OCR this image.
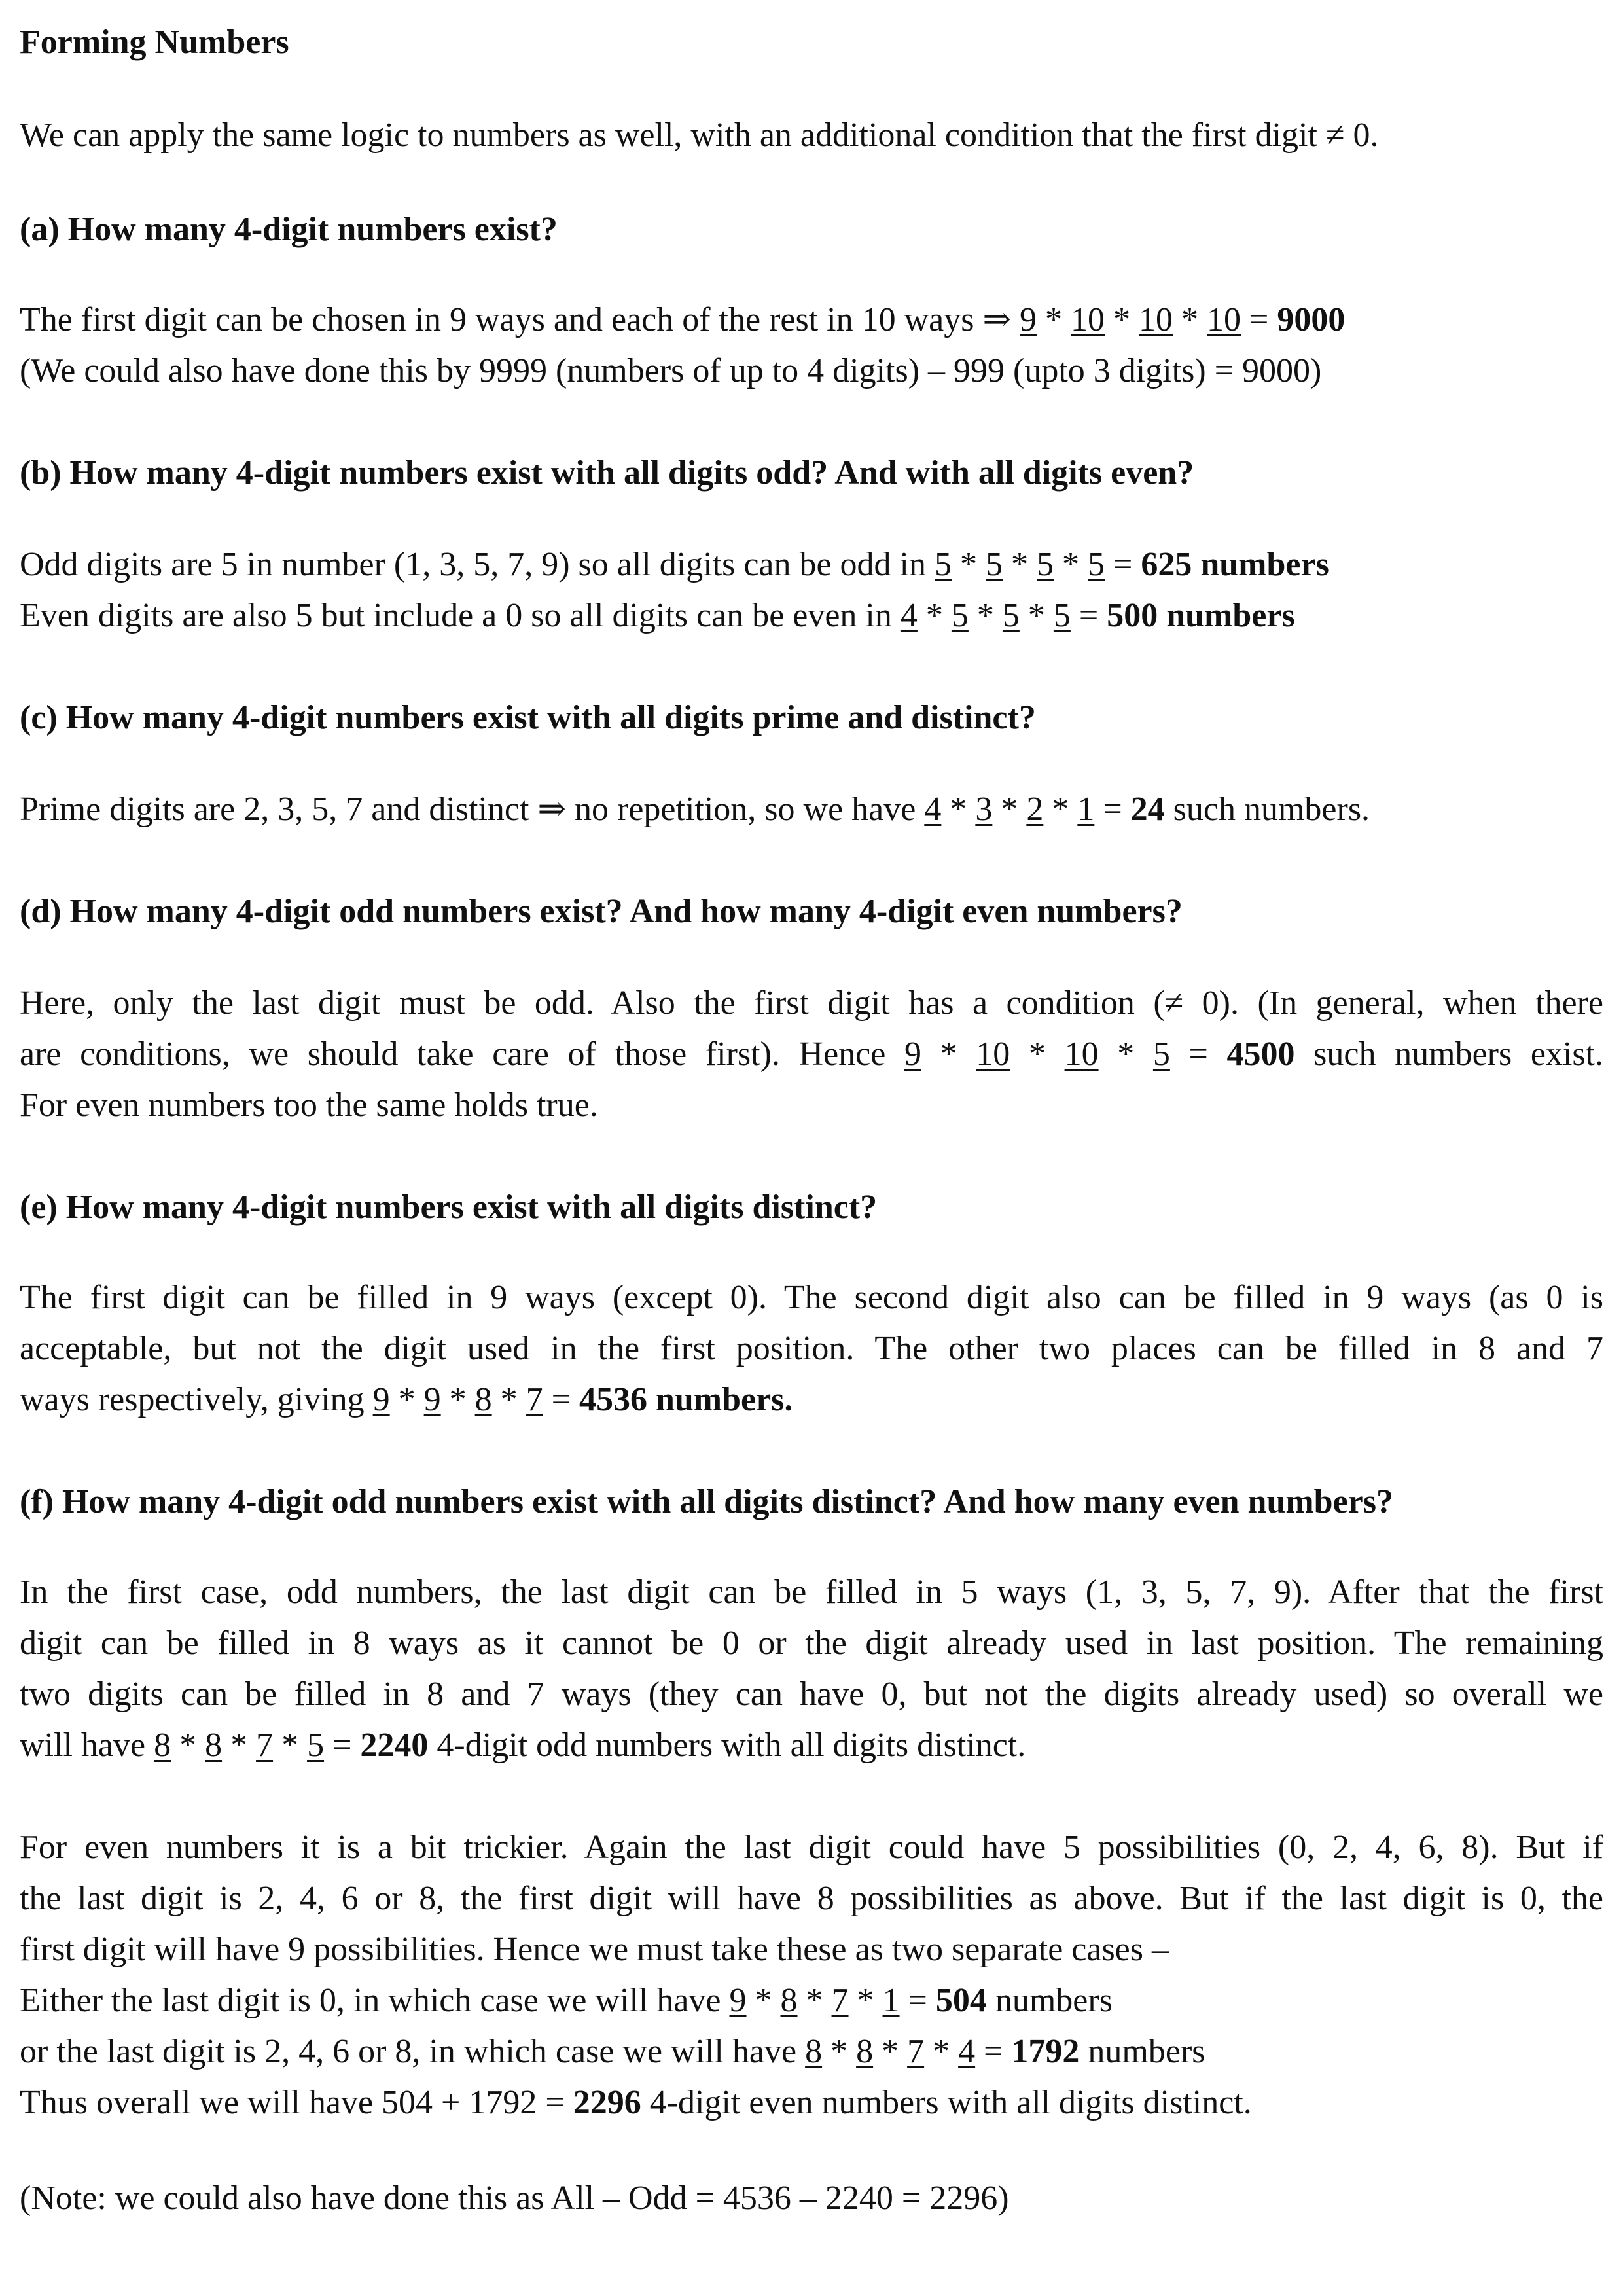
Forming Numbers
We can apply the same logic to numbers as well, with an additional condition that the first digit ≠ 0.
(a) How many 4-digit numbers exist?
The first digit can be chosen in 9 ways and each of the rest in 10 ways ⇒ 9 * 10 * 10 * 10 = 9000
(We could also have done this by 9999 (numbers of up to 4 digits) – 999 (upto 3 digits) = 9000)
(b) How many 4-digit numbers exist with all digits odd? And with all digits even?
Odd digits are 5 in number (1, 3, 5, 7, 9) so all digits can be odd in 5 * 5 * 5 * 5 = 625 numbers
Even digits are also 5 but include a 0 so all digits can be even in 4 * 5 * 5 * 5 = 500 numbers
(c) How many 4-digit numbers exist with all digits prime and distinct?
Prime digits are 2, 3, 5, 7 and distinct ⇒ no repetition, so we have 4 * 3 * 2 * 1 = 24 such numbers.
(d) How many 4-digit odd numbers exist? And how many 4-digit even numbers?
Here, only the last digit must be odd. Also the first digit has a condition (≠ 0). (In general, when there
are conditions, we should take care of those first). Hence 9 * 10 * 10 * 5 = 4500 such numbers exist.
For even numbers too the same holds true.
(e) How many 4-digit numbers exist with all digits distinct?
The first digit can be filled in 9 ways (except 0). The second digit also can be filled in 9 ways (as 0 is
acceptable, but not the digit used in the first position. The other two places can be filled in 8 and 7
ways respectively, giving 9 * 9 * 8 * 7 = 4536 numbers.
(f) How many 4-digit odd numbers exist with all digits distinct? And how many even numbers?
In the first case, odd numbers, the last digit can be filled in 5 ways (1, 3, 5, 7, 9). After that the first
digit can be filled in 8 ways as it cannot be 0 or the digit already used in last position. The remaining
two digits can be filled in 8 and 7 ways (they can have 0, but not the digits already used) so overall we
will have 8 * 8 * 7 * 5 = 2240 4-digit odd numbers with all digits distinct.
For even numbers it is a bit trickier. Again the last digit could have 5 possibilities (0, 2, 4, 6, 8). But if
the last digit is 2, 4, 6 or 8, the first digit will have 8 possibilities as above. But if the last digit is 0, the
first digit will have 9 possibilities. Hence we must take these as two separate cases –
Either the last digit is 0, in which case we will have 9 * 8 * 7 * 1 = 504 numbers
or the last digit is 2, 4, 6 or 8, in which case we will have 8 * 8 * 7 * 4 = 1792 numbers
Thus overall we will have 504 + 1792 = 2296 4-digit even numbers with all digits distinct.
(Note: we could also have done this as All – Odd = 4536 – 2240 = 2296)
